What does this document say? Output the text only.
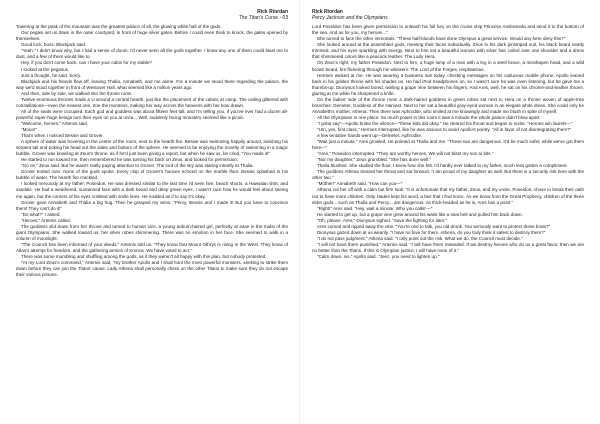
Rick Riordan
The Titan's Curse - 03

Towering at the peak of the mountain was the greatest palace of all, the glowing white hall of the gods.

Our pegasi set us down in the outer courtyard, in front of huge silver gates. Before I could even think to knock, the gates opened by themselves.

Good luck, boss, Blackjack said.

"Yeah." I didn't know why, but I had a sense of doom. I'd never seen all the gods together. I knew any one of them could blast me to dust, and a few of them would like to.

Hey, if you don't come back, can I have your cabin for my stable?

I looked at the pegasus.

Just a thought, he said. Sorry.

Blackjack and his friends flew off, leaving Thalia, Annabeth, and me alone. For a minute we stood there regarding the palace, the way we'd stood together in front of Westover Hall, what seemed like a million years ago.

And then, side by side, we walked into the throne room.

Twelve enormous thrones made a U around a central hearth, just like the placement of the cabins at camp. The ceiling glittered with constellations—even the newest one, Zoe the Huntress, making her way across the heavens with her bow drawn.

All of the seats were occupied. Each god and goddess was about fifteen feet tall, and I'm telling you, if you've ever had a dozen all-powerful super-huge beings turn their eyes on you at once... Well, suddenly facing monsters seemed like a picnic.

"Welcome, heroes," Artemis said.

"Mooo!"

That's when I noticed Bessie and Grover.

A sphere of water was hovering in the center of the room, next to the hearth fire. Bessie was swimming happily around, swishing his serpent tail and poking his head out the sides and bottom of the sphere. He seemed to be enjoying the novelty of swimming in a magic bubble. Grover was kneeling at Zeus's throne, as if he'd just been giving a report, but when he saw us, he cried, "You made it!"

He started to run toward me, then remembered he was turning his back on Zeus, and looked for permission.

"Go on," Zeus said. But he wasn't really paying attention to Grover. The lord of the sky was staring intently at Thalia.

Grover trotted over. None of the gods spoke. Every clop of Grover's hooves echoed on the marble floor. Bessie splashed in his bubble of water. The hearth fire crackled.

I looked nervously at my father, Poseidon. He was dressed similar to the last time I'd seen him: beach shorts, a Hawaiian shirt, and sandals. He had a weathered, suntanned face with a dark beard and deep green eyes. I wasn't sure how he would feel about seeing me again, but the corners of his eyes crinkled with smile lines. He nodded as if to say it's okay.

Grover gave Annabeth and Thalia a big hug. Then he grasped my arms. "Percy, Bessie and I made it! But you have to convince them! They can't do it!"

"Do what?" I asked.

"Heroes," Artemis called.

The goddess slid down from her throne and turned to human size, a young auburn-haired girl, perfectly at ease in the midst of the giant Olympians. She walked toward us, her silver robes shimmering. There was no emotion in her face. She seemed to walk in a column of moonlight.

"The Council has been informed of your deeds," Artemis told us. "They know that Mount Othrys is rising in the West. They know of Atlas's attempt for freedom, and the gathering armies of Kronos. We have voted to act."

There was some mumbling and shuffling among the gods, as if they weren't all happy with this plan, but nobody protested.

"At my Lord Zeus's command," Artemis said, "my brother Apollo and I shall hunt the most powerful monsters, seeking to strike them down before they can join the Titans' cause. Lady Athena shall personally check on the other Titans to make sure they do not escape their various prisons.

Rick Riordan
Percy Jackson and the Olympians

Lord Poseidon has been given permission to unleash his full fury on the cruise ship Princess Andromeda and send it to the bottom of the sea. And as for you, my heroes..."

She turned to face the other immortals. "These half-bloods have done Olympus a great service. Would any here deny this?"

She looked around at the assembled gods, meeting their faces individually. Zeus in his dark pinstriped suit, his black beard neatly trimmed, and his eyes sparkling with energy. Next to him sat a beautiful woman with silver hair coiled over one shoulder and a dress that shimmered colors like a peacock feather. The Lady Hera.

On Zeus's right, my father Poseidon. Next to him, a huge lump of a man with a leg in a steel brace, a misshapen head, and a wild brown beard, fire flickering through his whiskers: The Lord of the Forges, Hephaestus.

Hermes winked at me. He was wearing a business suit today, checking messages on his caduceus mobile phone. Apollo leaned back in his golden throne with his shades on. He had iPod headphones on, so I wasn't sure he was even listening, but he gave me a thumbs-up. Dionysus looked bored, twirling a grape vine between his fingers. And Ares, well, he sat on his chrome-and-leather throne, glaring at me while he sharpened a knife.

On the ladies' side of the throne room a dark-haired goddess in green robes sat next to Hera on a throne woven of apple-tree branches: Demeter, Goddess of the Harvest. Next to her sat a beautiful gray-eyed woman in an elegant white dress. She could only be Annabeth's mother, Athena. Then there was Aphrodite, who smiled at me knowingly and made me blush in spite of myself.

All the Olympians in one place. So much power in this room it was a miracle the whole palace didn't blow apart.

"I gotta say"—Apollo broke the silence—"these kids did okay." He cleared his throat and began to recite. "Heroes win laurels—"

"Um, yes, first class," Hermes interrupted, like he was anxious to avoid Apollo's poetry. "All in favor of not disintegrating them?"

A few tentative hands went up—Demeter, Aphrodite.

"Wait just a minute," Ares growled. He pointed at Thalia and me. "These two are dangerous. It'd be much safer, while we've got them here—"

"Ares," Poseidon interrupted. "They are worthy heroes. We will not blast my son to bits."

"Nor my daughter," Zeus grumbled. "She has done well."

Thalia blushed. She studied the floor. I knew how she felt. I'd hardly ever talked to my father, much less gotten a compliment.

The goddess Athena cleared her throat and sat forward. "I am proud of my daughter as well. But there is a security risk here with the other two."

"Mother!" Annabeth said. "How can you—"

Athena cut her off with a calm but firm look. "It is unfortunate that my father, Zeus, and my uncle, Poseidon, chose to break their oath not to have more children. Only Hades kept his word, a fact that I find ironic. As we know from the Great Prophecy, children of the three elder gods... such as Thalia and Percy... are dangerous. As thick-headed as he is, Ares has a point."

"Right!" Ares said. "Hey, wait a minute. Who you callin'—"

He started to get up, but a grape vine grew around his waist like a seat belt and pulled him back down.

"Oh, please, Ares," Dionysus sighed. "Save the fighting for later."

Ares cursed and ripped away the vine. "You're one to talk, you old drunk. You seriously want to protect these brats?"

Dionysus gazed down at us wearily. "I have no love for them. Athena, do you truly think it safest to destroy them?"

"I do not pass judgment," Athena said. "I only point out the risk. What we do, the Council must decide."

"I will not have them punished," Artemis said. "I will have them rewarded. If we destroy heroes who do us a great favor, then we are no better than the Titans. If this is Olympian justice, I will have none of it."

"Calm down, sis," Apollo said. "Jeez, you need to lighten up."
